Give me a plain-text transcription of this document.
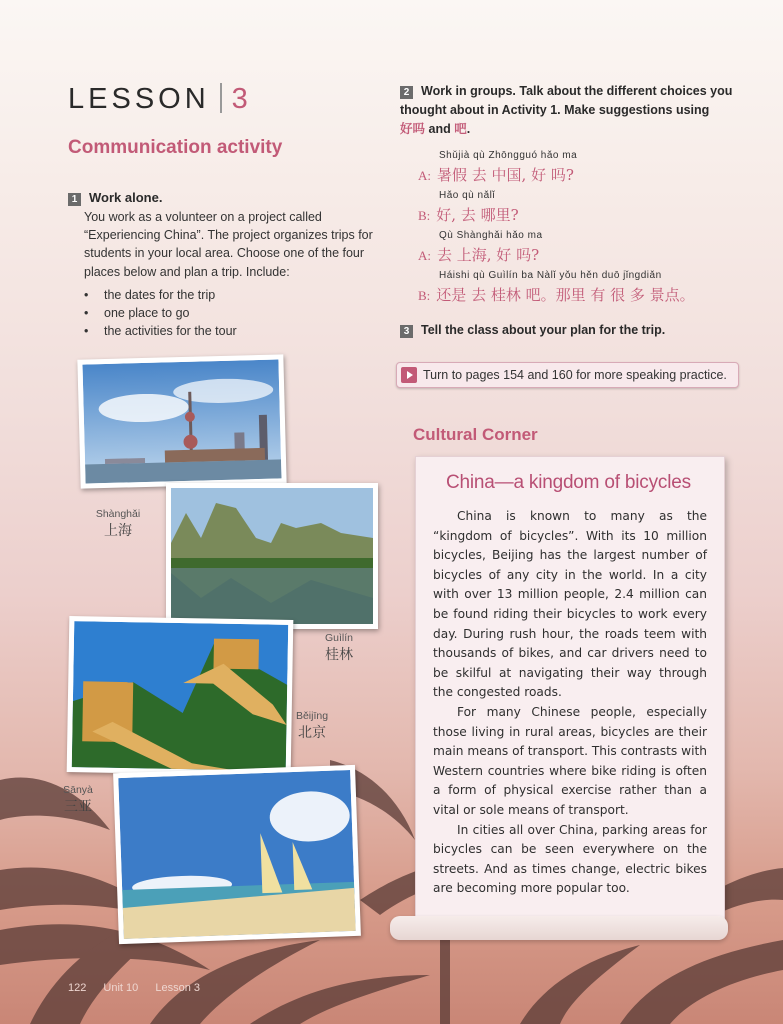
LESSON 3
Communication activity
1 Work alone.
You work as a volunteer on a project called “Experiencing China”. The project organizes trips for students in your local area. Choose one of the four places below and plan a trip. Include:
• the dates for the trip
• one place to go
• the activities for the tour
Shànghǎi
上海
Guìlín
桂林
Běijīng
北京
Sānyà
三亚
2 Work in groups. Talk about the different choices you thought about in Activity 1. Make suggestions using
好吗 and 吧.
Shǔjià qù Zhōngguó hǎo ma
A: 暑假 去 中国, 好 吗?
Hǎo qù nǎlǐ
B: 好, 去 哪里?
Qù Shànghǎi hǎo ma
A: 去 上海, 好 吗?
Háishi qù Guìlín ba Nàlǐ yǒu hěn duō jǐngdiǎn
B: 还是 去 桂林 吧。那里 有 很 多 景点。
3 Tell the class about your plan for the trip.
Turn to pages 154 and 160 for more speaking practice.
Cultural Corner
China—a kingdom of bicycles

China is known to many as the “kingdom of bicycles”. With its 10 million bicycles, Beijing has the largest number of bicycles of any city in the world. In a city with over 13 million people, 2.4 million can be found riding their bicycles to work every day. During rush hour, the roads teem with thousands of bikes, and car drivers need to be skilful at navigating their way through the congested roads.

For many Chinese people, especially those living in rural areas, bicycles are their main means of transport. This contrasts with Western countries where bike riding is often a form of physical exercise rather than a vital or sole means of transport.

In cities all over China, parking areas for bicycles can be seen everywhere on the streets. And as times change, electric bikes are becoming more popular too.

122 Unit 10 Lesson 3
